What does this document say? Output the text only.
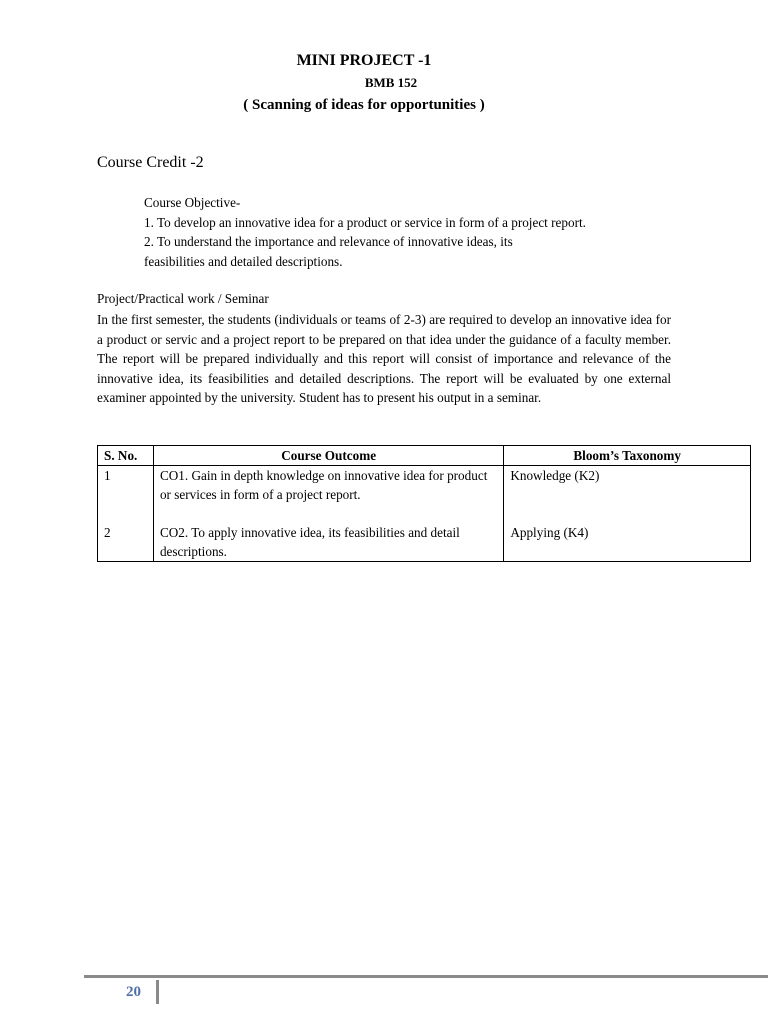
MINI PROJECT -1
BMB 152
( Scanning of ideas for opportunities )
Course Credit -2
Course Objective-
1. To develop an innovative idea for a product or service in form of a project report.
2. To understand the importance and relevance of innovative ideas, its
feasibilities and detailed descriptions.
Project/Practical work / Seminar
In the first semester, the students (individuals or teams of 2-3) are required to develop an innovative idea for a product or servic and a project report to be prepared on that idea under the guidance of a faculty member. The report will be prepared individually and this report will consist of importance and relevance of the innovative idea, its feasibilities and detailed descriptions. The report will be evaluated by one external examiner appointed by the university. Student has to present his output in a seminar.
S. No.	Course Outcome	Bloom’s Taxonomy
1	CO1. Gain in depth knowledge on innovative idea for product or services in form of a project report.	Knowledge (K2)
2	CO2. To apply innovative idea, its feasibilities and detail descriptions.	Applying (K4)
20
